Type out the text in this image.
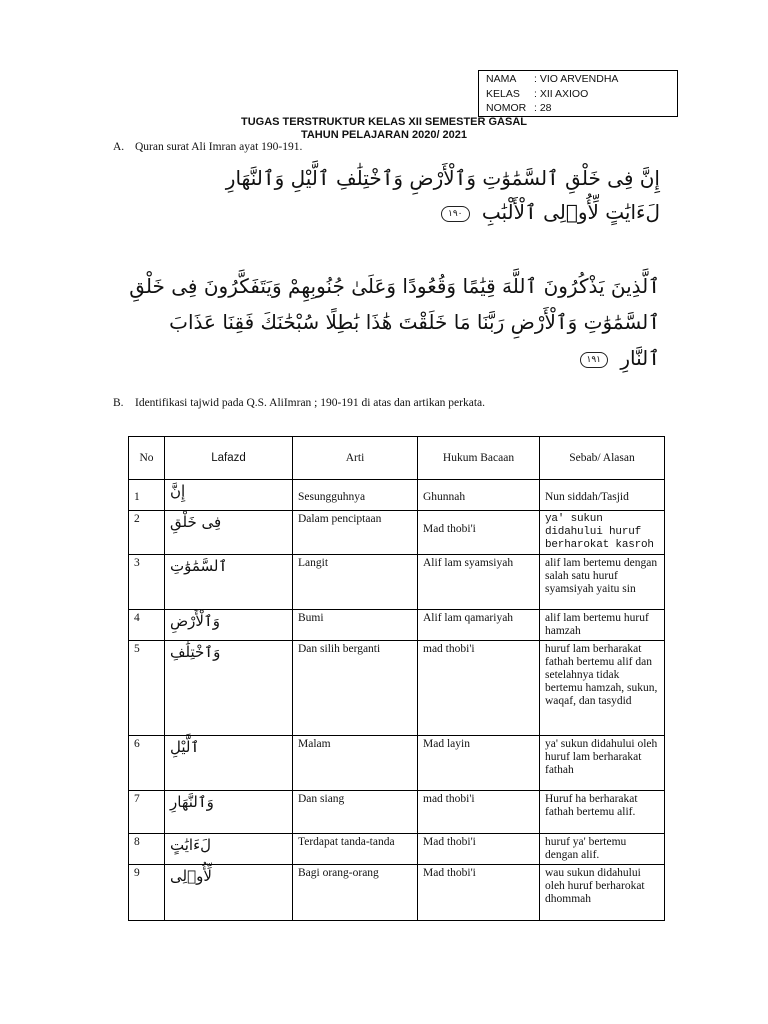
NAMA	: VIO ARVENDHA
KELAS	: XII AXIOO
NOMOR : 28
TUGAS TERSTRUKTUR KELAS XII SEMESTER GASAL
TAHUN PELAJARAN 2020/ 2021
A. Quran surat Ali Imran ayat 190-191.
إِنَّ فِى خَلْقِ ٱلسَّمَٰوَٰتِ وَٱلْأَرْضِ وَٱخْتِلَٰفِ ٱلَّيْلِ وَٱلنَّهَارِ
لَءَايَٰتٍ لِّأُو۟لِى ٱلْأَلْبَٰبِ ١٩٠
ٱلَّذِينَ يَذْكُرُونَ ٱللَّهَ قِيَٰمًا وَقُعُودًا وَعَلَىٰ جُنُوبِهِمْ وَيَتَفَكَّرُونَ فِى خَلْقِ
ٱلسَّمَٰوَٰتِ وَٱلْأَرْضِ رَبَّنَا مَا خَلَقْتَ هَٰذَا بَٰطِلًا سُبْحَٰنَكَ فَقِنَا عَذَابَ
ٱلنَّارِ ١٩١
B. Identifikasi tajwid pada Q.S. AliImran ; 190-191 di atas dan artikan perkata.
No	Lafazd	Arti	Hukum Bacaan	Sebab/ Alasan

1	إِنَّ	Sesungguhnya	Ghunnah	Nun siddah/Tasjid

2	فِى خَلْقِ	Dalam penciptaan	Mad thobi'i	ya' sukun didahului huruf berharokat kasroh
3	ٱلسَّمَٰوَٰتِ	Langit	Alif lam syamsiyah	alif lam bertemu dengan salah satu huruf syamsiyah yaitu sin
4	وَٱلْأَرْضِ	Bumi	Alif lam qamariyah	alif lam bertemu huruf hamzah
5	وَٱخْتِلَٰفِ	Dan silih berganti	mad thobi'i	huruf lam berharakat fathah bertemu alif dan setelahnya tidak bertemu hamzah, sukun, waqaf, dan tasydid
6	ٱلَّيْلِ	Malam	Mad layin	ya' sukun didahului oleh huruf lam berharakat fathah
7	وَٱلنَّهَارِ	Dan siang	mad thobi'i	Huruf ha berharakat fathah bertemu alif.
8	لَءَايَٰتٍ	Terdapat tanda-tanda	Mad thobi'i	huruf ya' bertemu dengan alif.
9	لِّأُو۟لِى	Bagi orang-orang	Mad thobi'i	wau sukun didahului oleh huruf berharokat dhommah
